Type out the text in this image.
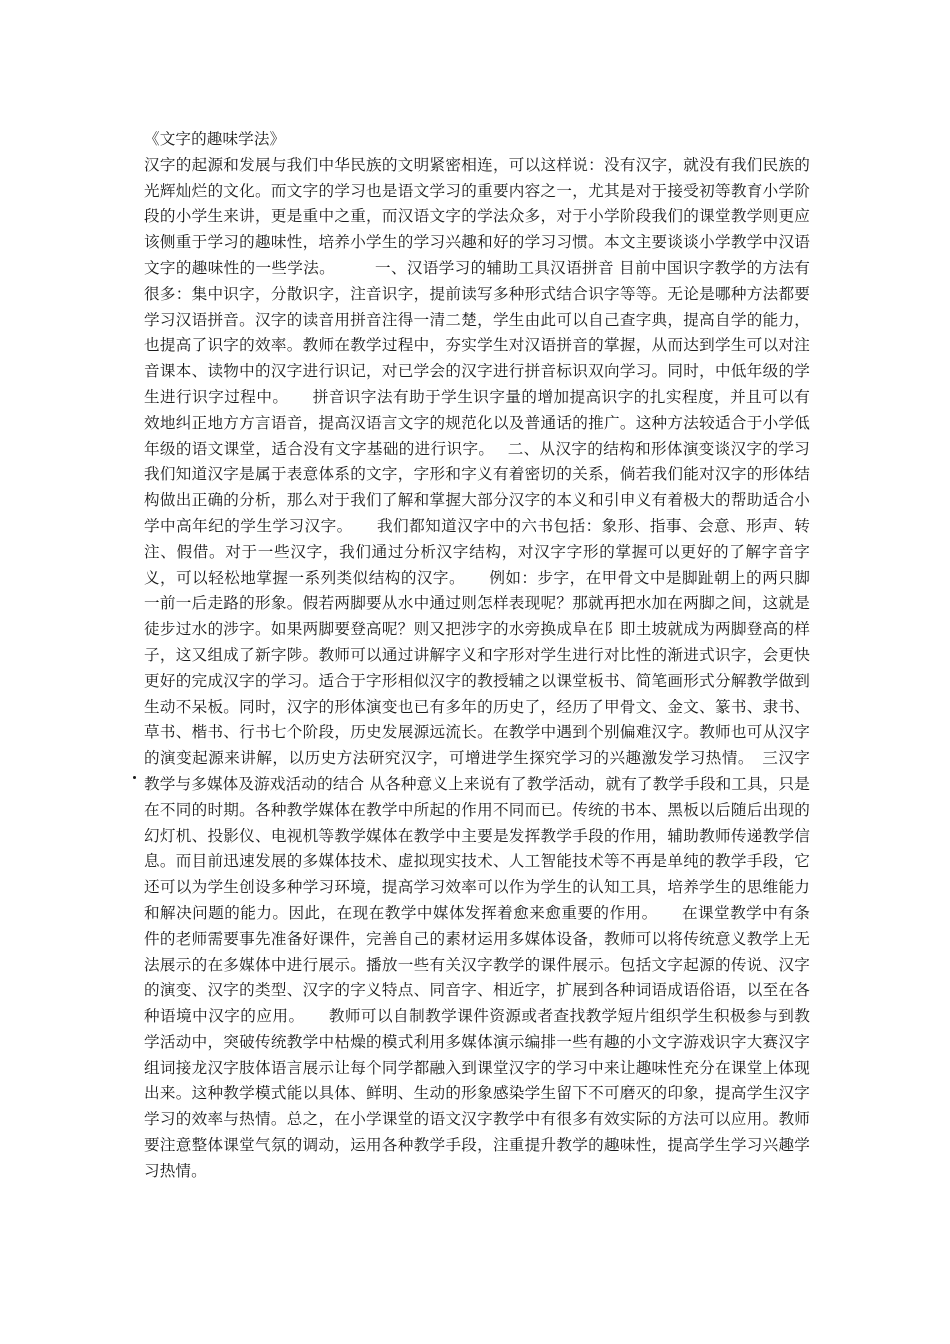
《文字的趣味学法》

汉字的起源和发展与我们中华民族的文明紧密相连，可以这样说：没有汉字，就没有我们民族的光辉灿烂的文化。而文字的学习也是语文学习的重要内容之一，尤其是对于接受初等教育小学阶段的小学生来讲，更是重中之重，而汉语文字的学法众多，对于小学阶段我们的课堂教学则更应该侧重于学习的趣味性，培养小学生的学习兴趣和好的学习习惯。本文主要谈谈小学教学中汉语文字的趣味性的一些学法。　　　一、汉语学习的辅助工具汉语拼音 目前中国识字教学的方法有很多：集中识字，分散识字，注音识字，提前读写多种形式结合识字等等。无论是哪种方法都要学习汉语拼音。汉字的读音用拼音注得一清二楚，学生由此可以自己查字典，提高自学的能力，也提高了识字的效率。教师在教学过程中，夯实学生对汉语拼音的掌握，从而达到学生可以对注音课本、读物中的汉字进行识记，对已学会的汉字进行拼音标识双向学习。同时，中低年级的学生进行识字过程中。　　拼音识字法有助于学生识字量的增加提高识字的扎实程度，并且可以有效地纠正地方方言语音，提高汉语言文字的规范化以及普通话的推广。这种方法较适合于小学低年级的语文课堂，适合没有文字基础的进行识字。　 二、从汉字的结构和形体演变谈汉字的学习　　我们知道汉字是属于表意体系的文字，字形和字义有着密切的关系，倘若我们能对汉字的形体结构做出正确的分析，那么对于我们了解和掌握大部分汉字的本义和引申义有着极大的帮助适合小学中高年纪的学生学习汉字。　　我们都知道汉字中的六书包括：象形、指事、会意、形声、转注、假借。对于一些汉字，我们通过分析汉字结构，对汉字字形的掌握可以更好的了解字音字义，可以轻松地掌握一系列类似结构的汉字。　　例如：步字，在甲骨文中是脚趾朝上的两只脚一前一后走路的形象。假若两脚要从水中通过则怎样表现呢？那就再把水加在两脚之间，这就是徒步过水的涉字。如果两脚要登高呢？则又把涉字的水旁换成阜在阝即土坡就成为两脚登高的样子，这又组成了新字陟。教师可以通过讲解字义和字形对学生进行对比性的渐进式识字，会更快更好的完成汉字的学习。适合于字形相似汉字的教授辅之以课堂板书、简笔画形式分解教学做到生动不呆板。同时，汉字的形体演变也已有多年的历史了，经历了甲骨文、金文、篆书、隶书、草书、楷书、行书七个阶段，历史发展源远流长。在教学中遇到个别偏难汉字。教师也可从汉字的演变起源来讲解，以历史方法研究汉字，可增进学生探究学习的兴趣激发学习热情。　三汉字教学与多媒体及游戏活动的结合 从各种意义上来说有了教学活动，就有了教学手段和工具，只是在不同的时期。各种教学媒体在教学中所起的作用不同而已。传统的书本、黑板以后随后出现的幻灯机、投影仪、电视机等教学媒体在教学中主要是发挥教学手段的作用，辅助教师传递教学信息。而目前迅速发展的多媒体技术、虚拟现实技术、人工智能技术等不再是单纯的教学手段，它还可以为学生创设多种学习环境，提高学习效率可以作为学生的认知工具，培养学生的思维能力和解决问题的能力。因此，在现在教学中媒体发挥着愈来愈重要的作用。　　在课堂教学中有条件的老师需要事先准备好课件，完善自己的素材运用多媒体设备，教师可以将传统意义教学上无法展示的在多媒体中进行展示。播放一些有关汉字教学的课件展示。包括文字起源的传说、汉字的演变、汉字的类型、汉字的字义特点、同音字、相近字，扩展到各种词语成语俗语，以至在各种语境中汉字的应用。　　教师可以自制教学课件资源或者查找教学短片组织学生积极参与到教学活动中，突破传统教学中枯燥的模式利用多媒体演示编排一些有趣的小文字游戏识字大赛汉字组词接龙汉字肢体语言展示让每个同学都融入到课堂汉字的学习中来让趣味性充分在课堂上体现出来。这种教学模式能以具体、鲜明、生动的形象感染学生留下不可磨灭的印象，提高学生汉字学习的效率与热情。总之，在小学课堂的语文汉字教学中有很多有效实际的方法可以应用。教师要注意整体课堂气氛的调动，运用各种教学手段，注重提升教学的趣味性，提高学生学习兴趣学习热情。
